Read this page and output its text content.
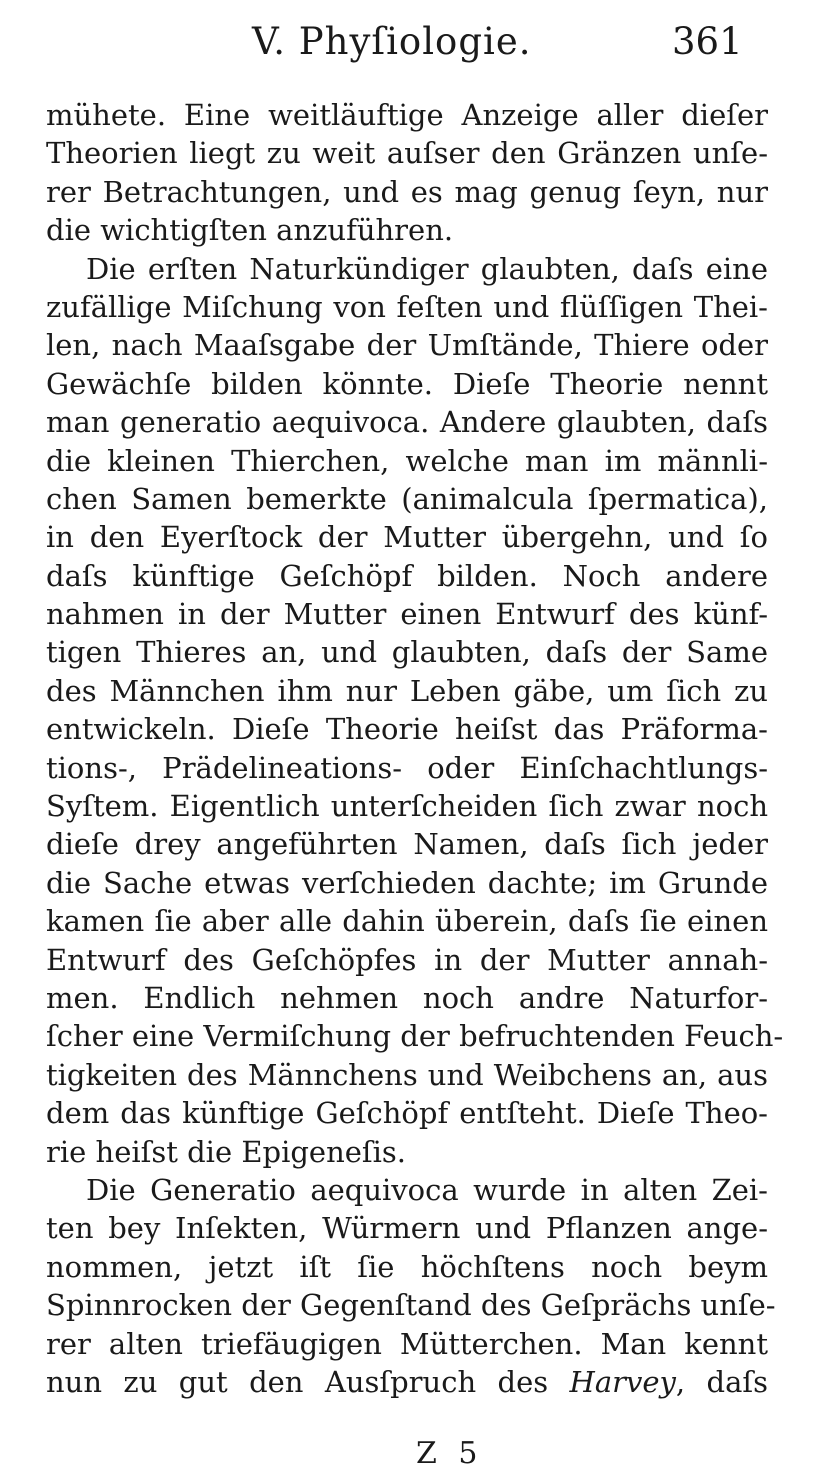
V. Phyſiologie.	361
mühete. Eine weitläuftige Anzeige aller dieſer
Theorien liegt zu weit auſser den Gränzen unſe-
rer Betrachtungen, und es mag genug ſeyn, nur
die wichtigſten anzuführen.
Die erſten Naturkündiger glaubten, daſs eine
zufällige Miſchung von feſten und flüſſigen Thei-
len, nach Maaſsgabe der Umſtände, Thiere oder
Gewächſe bilden könnte. Dieſe Theorie nennt
man generatio aequivoca. Andere glaubten, daſs
die kleinen Thierchen, welche man im männli-
chen Samen bemerkte (animalcula ſpermatica),
in den Eyerſtock der Mutter übergehn, und ſo
daſs künftige Geſchöpf bilden. Noch andere
nahmen in der Mutter einen Entwurf des künf-
tigen Thieres an, und glaubten, daſs der Same
des Männchen ihm nur Leben gäbe, um ſich zu
entwickeln. Dieſe Theorie heiſst das Präforma-
tions-, Prädelineations- oder Einſchachtlungs-
Syſtem. Eigentlich unterſcheiden ſich zwar noch
dieſe drey angeführten Namen, daſs ſich jeder
die Sache etwas verſchieden dachte; im Grunde
kamen ſie aber alle dahin überein, daſs ſie einen
Entwurf des Geſchöpfes in der Mutter annah-
men. Endlich nehmen noch andre Naturfor-
ſcher eine Vermiſchung der befruchtenden Feuch-
tigkeiten des Männchens und Weibchens an, aus
dem das künftige Geſchöpf entſteht. Dieſe Theo-
rie heiſst die Epigeneſis.
Die Generatio aequivoca wurde in alten Zei-
ten bey Inſekten, Würmern und Pflanzen ange-
nommen, jetzt iſt ſie höchſtens noch beym
Spinnrocken der Gegenſtand des Geſprächs unſe-
rer alten triefäugigen Mütterchen. Man kennt
nun zu gut den Ausſpruch des Harvey, daſs
Z 5
